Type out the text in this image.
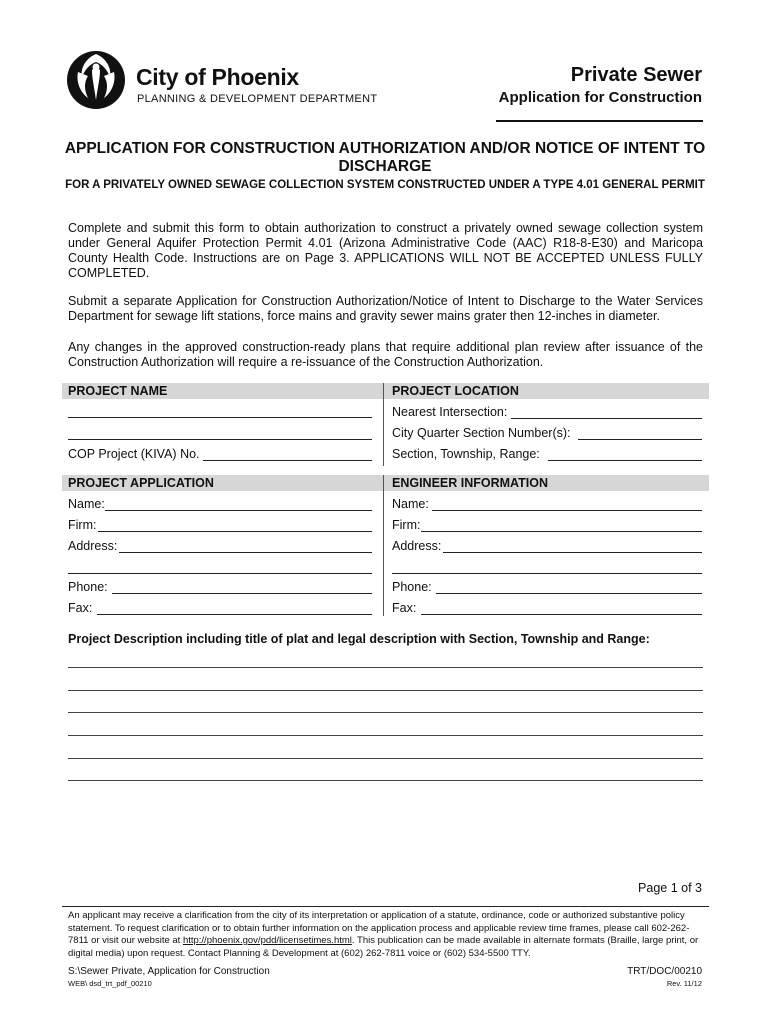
City of Phoenix
PLANNING & DEVELOPMENT DEPARTMENT
Private Sewer
Application for Construction
APPLICATION FOR CONSTRUCTION AUTHORIZATION AND/OR NOTICE OF INTENT TO DISCHARGE
FOR A PRIVATELY OWNED SEWAGE COLLECTION SYSTEM CONSTRUCTED UNDER A TYPE 4.01 GENERAL PERMIT
Complete and submit this form to obtain authorization to construct a privately owned sewage collection system under General Aquifer Protection Permit 4.01 (Arizona Administrative Code (AAC) R18-8-E30) and Maricopa County Health Code. Instructions are on Page 3. APPLICATIONS WILL NOT BE ACCEPTED UNLESS FULLY COMPLETED.
Submit a separate Application for Construction Authorization/Notice of Intent to Discharge to the Water Services Department for sewage lift stations, force mains and gravity sewer mains grater then 12-inches in diameter.
Any changes in the approved construction-ready plans that require additional plan review after issuance of the Construction Authorization will require a re-issuance of the Construction Authorization.
PROJECT NAME	PROJECT LOCATION
COP Project (KIVA) No.
Nearest Intersection:
City Quarter Section Number(s):
Section, Township, Range:
PROJECT APPLICATION	ENGINEER INFORMATION
Name:
Firm:
Address:
Phone:
Fax:
Name:
Firm:
Address:
Phone:
Fax:
Project Description including title of plat and legal description with Section, Township and Range:
Page 1 of 3
An applicant may receive a clarification from the city of its interpretation or application of a statute, ordinance, code or authorized substantive policy statement. To request clarification or to obtain further information on the application process and applicable review time frames, please call 602-262-7811 or visit our website at http://phoenix.gov/pdd/licensetimes.html. This publication can be made available in alternate formats (Braille, large print, or digital media) upon request. Contact Planning & Development at (602) 262-7811 voice or (602) 534-5500 TTY.
S:\Sewer Private, Application for Construction
WEB\ dsd_trt_pdf_00210
TRT/DOC/00210
Rev. 11/12
